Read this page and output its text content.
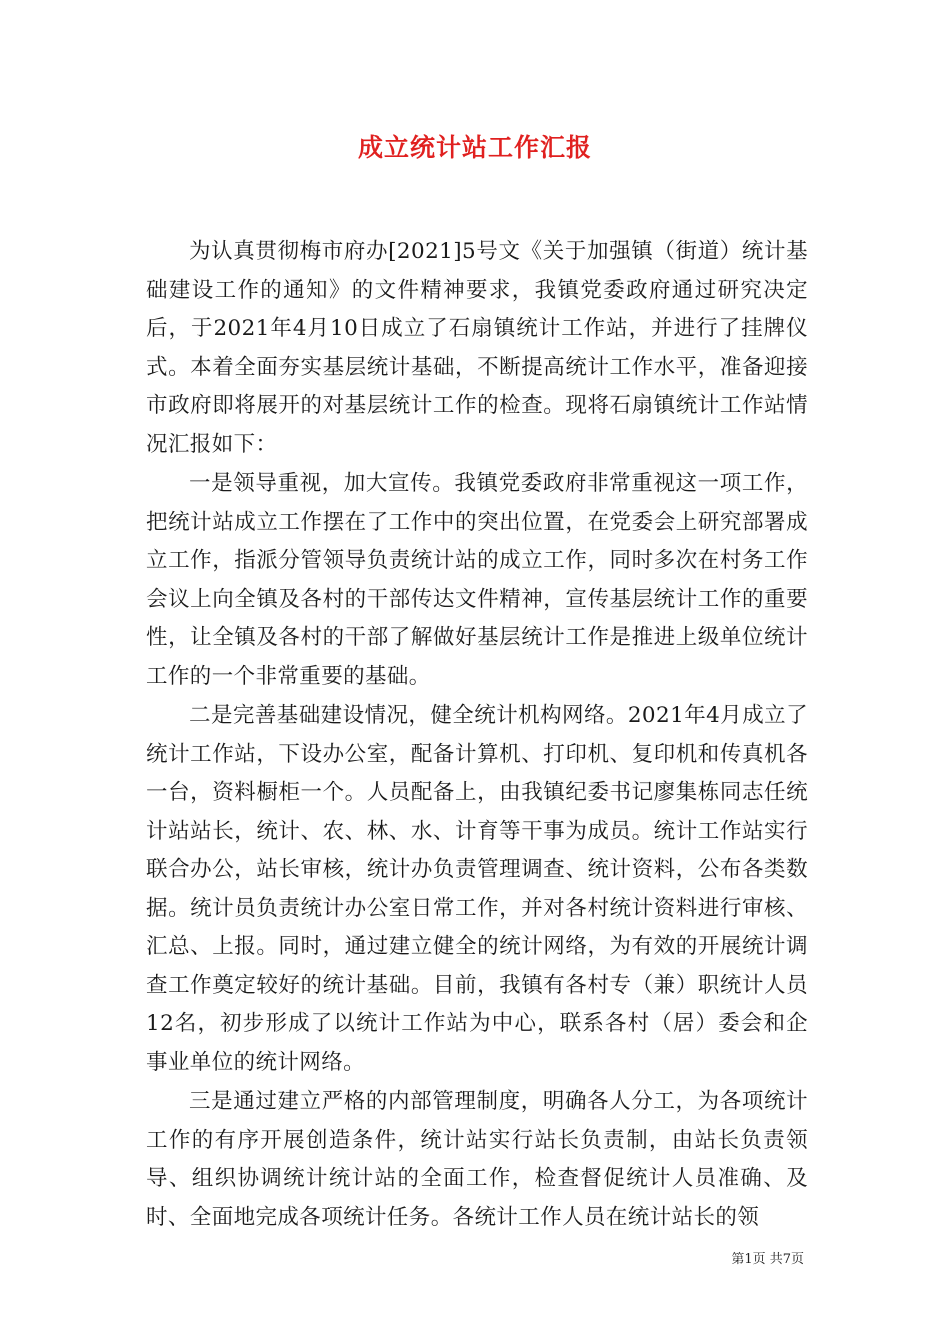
成立统计站工作汇报

为认真贯彻梅市府办[2021]5号文《关于加强镇（街道）统计基础建设工作的通知》的文件精神要求，我镇党委政府通过研究决定后，于2021年4月10日成立了石扇镇统计工作站，并进行了挂牌仪式。本着全面夯实基层统计基础，不断提高统计工作水平，准备迎接市政府即将展开的对基层统计工作的检查。现将石扇镇统计工作站情况汇报如下：

一是领导重视，加大宣传。我镇党委政府非常重视这一项工作，把统计站成立工作摆在了工作中的突出位置，在党委会上研究部署成立工作，指派分管领导负责统计站的成立工作，同时多次在村务工作会议上向全镇及各村的干部传达文件精神，宣传基层统计工作的重要性，让全镇及各村的干部了解做好基层统计工作是推进上级单位统计工作的一个非常重要的基础。

二是完善基础建设情况，健全统计机构网络。2021年4月成立了统计工作站，下设办公室，配备计算机、打印机、复印机和传真机各一台，资料橱柜一个。人员配备上，由我镇纪委书记廖集栋同志任统计站站长，统计、农、林、水、计育等干事为成员。统计工作站实行联合办公，站长审核，统计办负责管理调查、统计资料，公布各类数据。统计员负责统计办公室日常工作，并对各村统计资料进行审核、汇总、上报。同时，通过建立健全的统计网络，为有效的开展统计调查工作奠定较好的统计基础。目前，我镇有各村专（兼）职统计人员12名，初步形成了以统计工作站为中心，联系各村（居）委会和企事业单位的统计网络。

三是通过建立严格的内部管理制度，明确各人分工，为各项统计工作的有序开展创造条件，统计站实行站长负责制，由站长负责领导、组织协调统计统计站的全面工作，检查督促统计人员准确、及时、全面地完成各项统计任务。各统计工作人员在统计站长的领

第1页 共7页
